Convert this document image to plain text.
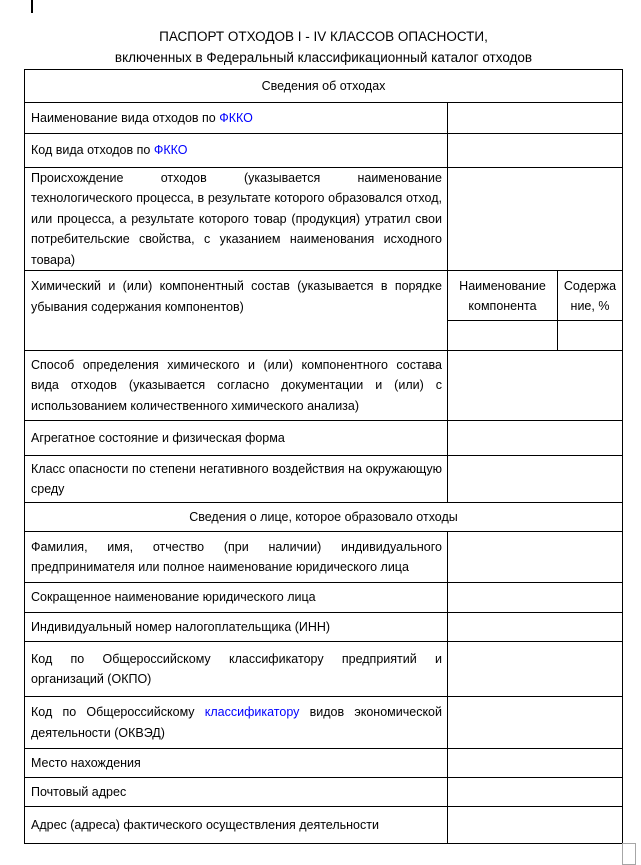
ПАСПОРТ ОТХОДОВ I - IV КЛАССОВ ОПАСНОСТИ,
включенных в Федеральный классификационный каталог отходов
Сведения об отходах
Наименование вида отходов по ФККО
Код вида отходов по ФККО
Происхождение отходов (указывается наименование технологического процесса, в результате которого образовался отход, или процесса, а результате которого товар (продукция) утратил свои потребительские свойства, с указанием наименования исходного товара)
Химический и (или) компонентный состав (указывается в порядке убывания содержания компонентов)
Наименование компонента
Содержание, %
Способ определения химического и (или) компонентного состава вида отходов (указывается согласно документации и (или) с использованием количественного химического анализа)
Агрегатное состояние и физическая форма
Класс опасности по степени негативного воздействия на окружающую среду
Сведения о лице, которое образовало отходы
Фамилия, имя, отчество (при наличии) индивидуального предпринимателя или полное наименование юридического лица
Сокращенное наименование юридического лица
Индивидуальный номер налогоплательщика (ИНН)
Код по Общероссийскому классификатору предприятий и организаций (ОКПО)
Код по Общероссийскому классификатору видов экономической деятельности (ОКВЭД)
Место нахождения
Почтовый адрес
Адрес (адреса) фактического осуществления деятельности
